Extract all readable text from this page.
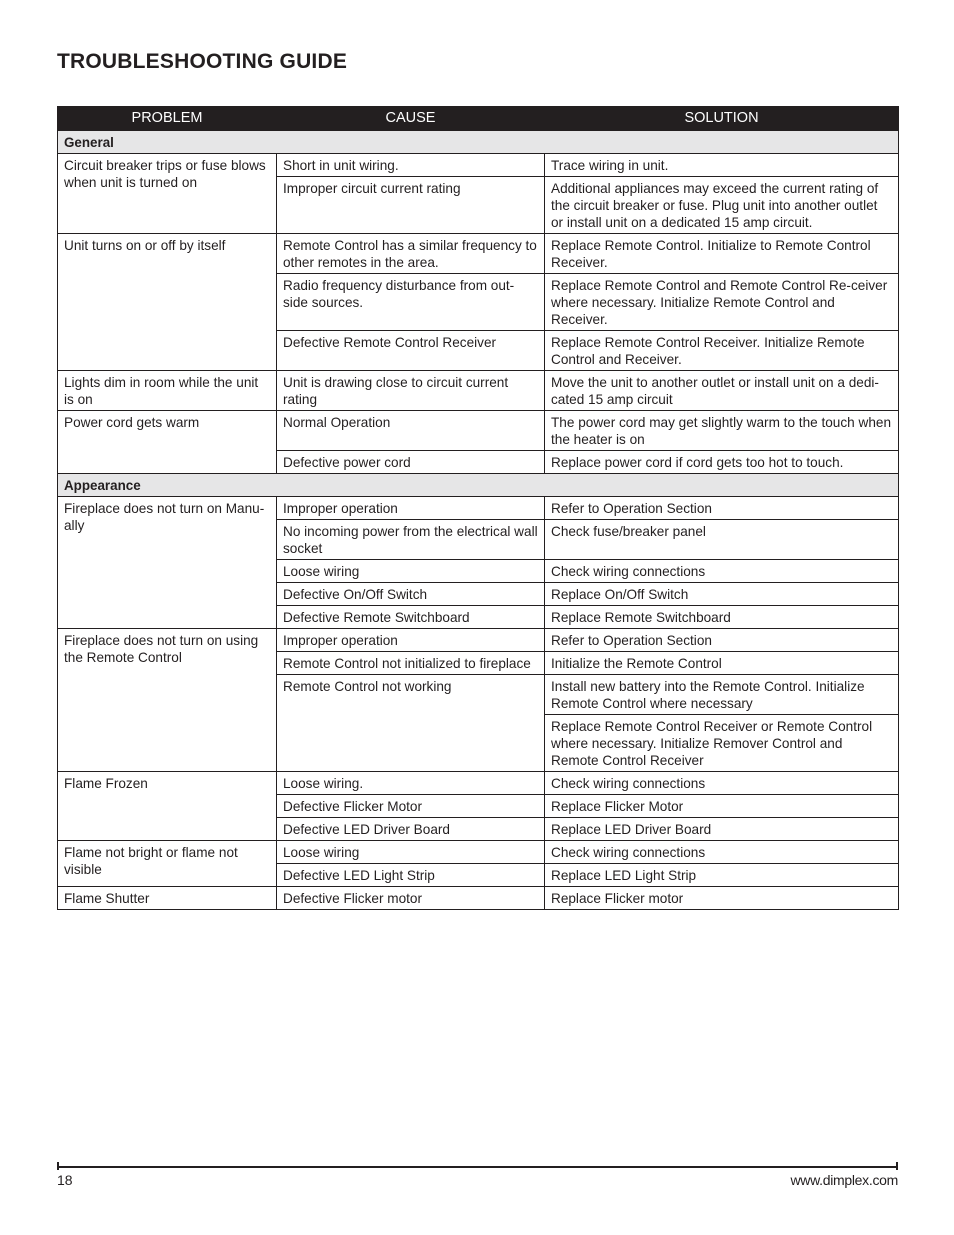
TROUBLESHOOTING GUIDE
PROBLEM	CAUSE	SOLUTION
General		
Circuit breaker trips or fuse blows when unit is turned on	Short in unit wiring.	Trace wiring in unit.
	Improper circuit current rating	Additional appliances may exceed the current rating of the circuit breaker or fuse. Plug unit into another outlet or install unit on a dedicated 15 amp circuit.
Unit turns on or off by itself	Remote Control has a similar frequency to other remotes in the area.	Replace Remote Control. Initialize to Remote Control Receiver.
	Radio frequency disturbance from out-side sources.	Replace Remote Control and Remote Control Re-ceiver where necessary. Initialize Remote Control and Receiver.
	Defective Remote Control Receiver	Replace Remote Control Receiver. Initialize Remote Control and Receiver.
Lights dim in room while the unit is on	Unit is drawing close to circuit current rating	Move the unit to another outlet or install unit on a dedi-cated 15 amp circuit
Power cord gets warm	Normal Operation	The power cord may get slightly warm to the touch when the heater is on
	Defective power cord	Replace power cord if cord gets too hot to touch.
Appearance		
Fireplace does not turn on Manu-ally	Improper operation	Refer to Operation Section
	No incoming power from the electrical wall socket	Check fuse/breaker panel
	Loose wiring	Check wiring connections
	Defective On/Off Switch	Replace On/Off Switch
	Defective Remote Switchboard	Replace Remote Switchboard
Fireplace does not turn on using the Remote Control	Improper operation	Refer to Operation Section
	Remote Control not initialized to fireplace	Initialize the Remote Control
	Remote Control not working	Install new battery into the Remote Control. Initialize Remote Control where necessary
		Replace Remote Control Receiver or Remote Control where necessary. Initialize Remover Control and Remote Control Receiver
Flame Frozen	Loose wiring.	Check wiring connections
	Defective Flicker Motor	Replace Flicker Motor
	Defective LED Driver Board	Replace LED Driver Board
Flame not bright or flame not visible	Loose wiring	Check wiring connections
	Defective LED Light Strip	Replace LED Light Strip
Flame Shutter	Defective Flicker motor	Replace Flicker motor
18	www.dimplex.com
